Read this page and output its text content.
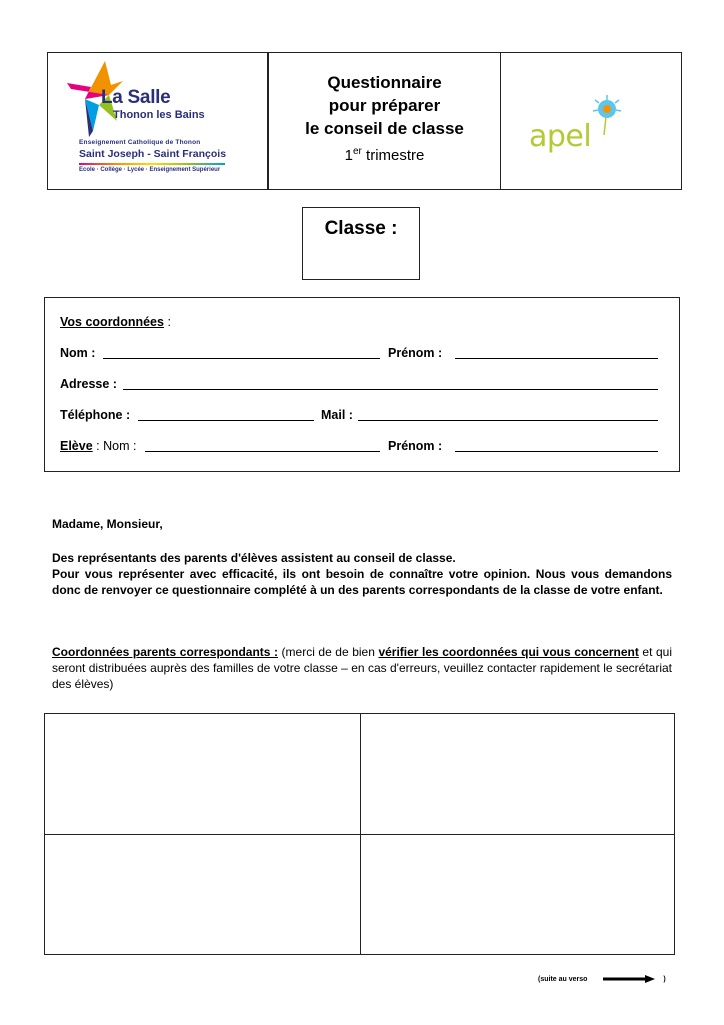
La Salle
Thonon les Bains
Enseignement Catholique de Thonon
Saint Joseph - Saint François
Ecole · Collège · Lycée · Enseignement Supérieur
Questionnaire
pour préparer
le conseil de classe
1er trimestre
apel
Classe :
Vos coordonnées :
Nom :	Prénom :
Adresse :
Téléphone :	Mail :
Elève : Nom :	Prénom :
Madame, Monsieur,
Des représentants des parents d'élèves assistent au conseil de classe.
Pour vous représenter avec efficacité, ils ont besoin de connaître votre opinion. Nous vous demandons donc de renvoyer ce questionnaire complété à un des parents correspondants de la classe de votre enfant.
Coordonnées parents correspondants : (merci de de bien vérifier les coordonnées qui vous concernent et qui seront distribuées auprès des familles de votre classe – en cas d'erreurs, veuillez contacter rapidement le secrétariat des élèves)
(suite au verso	)
